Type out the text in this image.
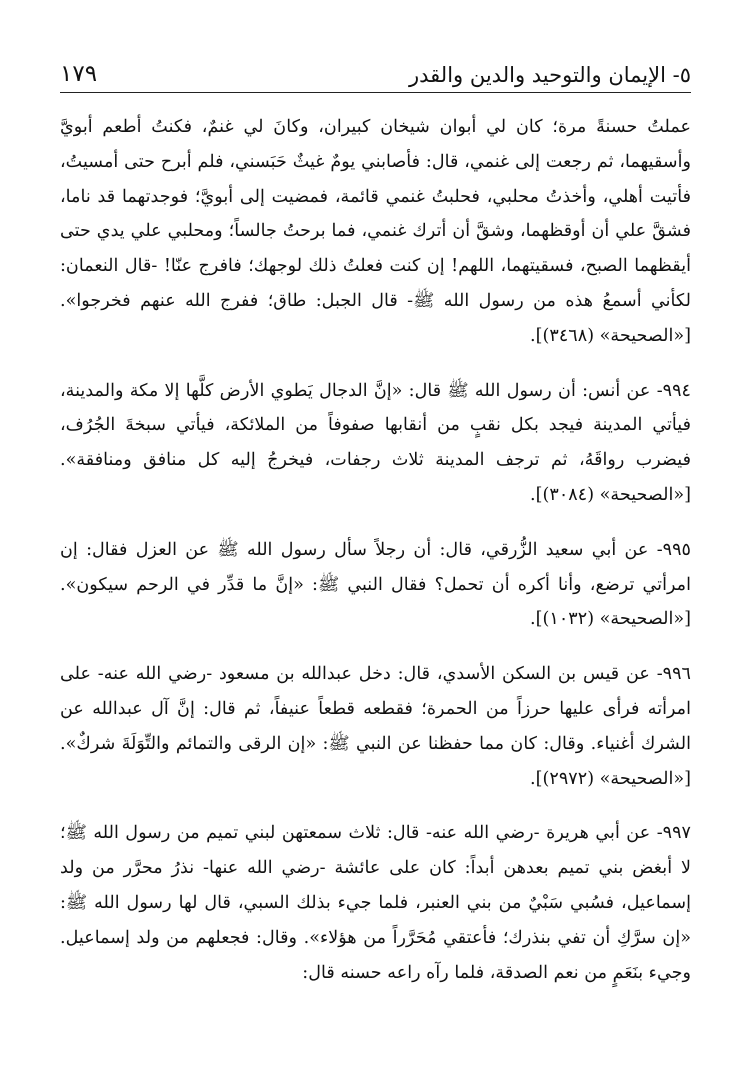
٥- الإيمان والتوحيد والدين والقدر
١٧٩

عملتُ حسنةً مرة؛ كان لي أبوان شيخان كبيران، وكانَ لي غنمٌ، فكنتُ أطعم أبويَّ وأسقيهما، ثم رجعت إلى غنمي، قال: فأصابني يومٌ غيثٌ حَبَسني، فلم أبرح حتى أمسيتُ، فأتيت أهلي، وأخذتُ محلبي، فحلبتُ غنمي قائمة، فمضيت إلى أبويَّ؛ فوجدتهما قد ناما، فشقَّ علي أن أوقظهما، وشقَّ أن أترك غنمي، فما برحتُ جالساً؛ ومحلبي علي يدي حتى أيقظهما الصبح، فسقيتهما، اللهم! إن كنت فعلتُ ذلك لوجهك؛ فافرج عنّا! -قال النعمان: لكأني أسمعُ هذه من رسول الله ﷺ- قال الجبل: طاق؛ ففرج الله عنهم فخرجوا». [«الصحيحة» (٣٤٦٨)].

٩٩٤- عن أنس: أن رسول الله ﷺ قال: «إنَّ الدجال يَطوي الأرض كلَّها إلا مكة والمدينة، فيأتي المدينة فيجد بكل نقبٍ من أنقابها صفوفاً من الملائكة، فيأتي سبخةَ الجُرُف، فيضرب رواقَهُ، ثم ترجف المدينة ثلاث رجفات، فيخرجُ إليه كل منافق ومنافقة». [«الصحيحة» (٣٠٨٤)].

٩٩٥- عن أبي سعيد الزُّرقي، قال: أن رجلاً سأل رسول الله ﷺ عن العزل فقال: إن امرأتي ترضع، وأنا أكره أن تحمل؟ فقال النبي ﷺ: «إنَّ ما قدِّر في الرحم سيكون». [«الصحيحة» (١٠٣٢)].

٩٩٦- عن قيس بن السكن الأسدي، قال: دخل عبدالله بن مسعود -رضي الله عنه- على امرأته فرأى عليها حرزاً من الحمرة؛ فقطعه قطعاً عنيفاً، ثم قال: إنَّ آل عبدالله عن الشرك أغنياء. وقال: كان مما حفظنا عن النبي ﷺ: «إن الرقى والتمائم والتِّوَلَةَ شركٌ». [«الصحيحة» (٢٩٧٢)].

٩٩٧- عن أبي هريرة -رضي الله عنه- قال: ثلاث سمعتهن لبني تميم من رسول الله ﷺ؛ لا أبغض بني تميم بعدهن أبداً: كان على عائشة -رضي الله عنها- نذرُ محرَّر من ولد إسماعيل، فسُبي سَبْيٌ من بني العنبر، فلما جيء بذلك السبي، قال لها رسول الله ﷺ: «إن سرَّكِ أن تفي بنذرك؛ فأعتقي مُحَرَّراً من هؤلاء». وقال: فجعلهم من ولد إسماعيل. وجيء بنَعَمٍ من نعم الصدقة، فلما رآه راعه حسنه قال:
